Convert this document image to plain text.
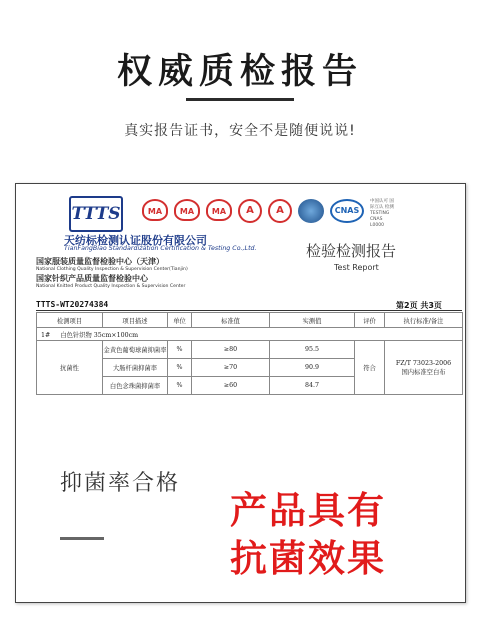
权威质检报告
真实报告证书，安全不是随便说说!
TTTS
天纺标检测认证股份有限公司
TianFangBiao Standardization Certification & Testing Co.,Ltd.
国家服装质量监督检验中心（天津）
National Clothing Quality Inspection & Supervision Center(Tianjin)
国家针织产品质量监督检验中心
National Knitted Product Quality Inspection & Supervision Center
MA	MA	MA	A	A	CNAS
中国认可 国际互认 检测 TESTING CNAS L0000
检验检测报告
Test Report
TTTS-WT20274384	第2页 共3页
检测项目	项目描述	单位	标准值	实测值	评价	执行标准/备注
1# 白色针织物 35cm×100cm						
抗菌性	金黄色葡萄球菌抑菌率	%	≥80	95.5	符合	FZ/T 73023-2006
国内标准空白布

	大肠杆菌抑菌率	%	≥70	90.9		
	白色念珠菌抑菌率	%	≥60	84.7		
抑菌率合格
产品具有
抗菌效果
